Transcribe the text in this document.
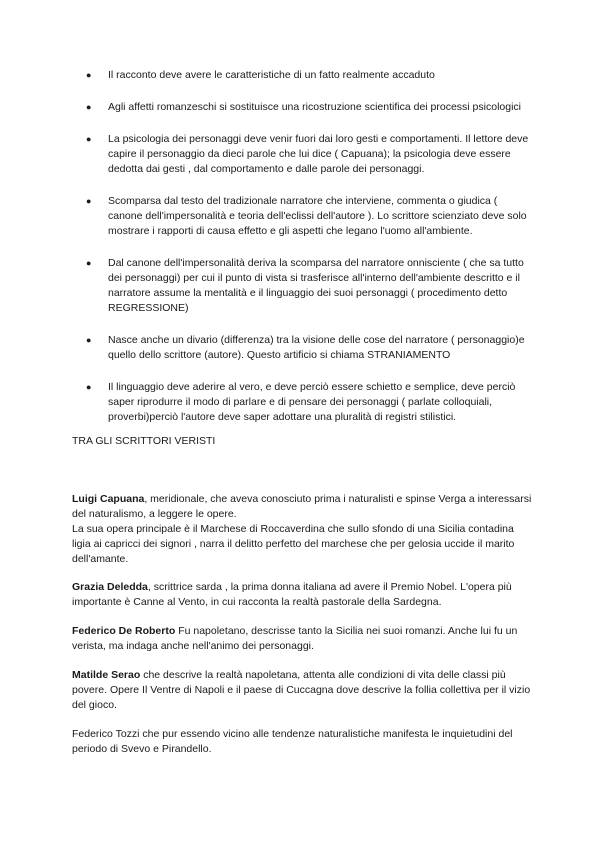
●	Il racconto deve avere le caratteristiche di un fatto realmente accaduto
●	Agli affetti romanzeschi si sostituisce una ricostruzione scientifica dei processi psicologici
●	La psicologia dei personaggi deve venir fuori dai loro gesti e comportamenti. Il lettore deve capire il personaggio da dieci parole che lui dice ( Capuana); la psicologia deve essere dedotta dai gesti , dal comportamento e dalle parole dei personaggi.
●	Scomparsa dal testo del tradizionale narratore che interviene, commenta o giudica ( canone dell'impersonalità e teoria dell'eclissi dell'autore ). Lo scrittore scienziato deve solo mostrare i rapporti di causa effetto e gli aspetti che legano l'uomo all'ambiente.
●	Dal canone dell'impersonalità deriva la scomparsa del narratore onnisciente ( che sa tutto dei personaggi) per cui il punto di vista si trasferisce all'interno dell'ambiente descritto e il narratore assume la mentalità e il linguaggio dei suoi personaggi ( procedimento detto REGRESSIONE)
●	Nasce anche un divario (differenza) tra la visione delle cose del narratore ( personaggio)e quello dello scrittore (autore). Questo artificio si chiama STRANIAMENTO
●	Il linguaggio deve aderire al vero, e deve perciò essere schietto e semplice, deve perciò saper riprodurre il modo di parlare e di pensare dei personaggi ( parlate colloquiali, proverbi)perciò l'autore deve saper adottare una pluralità di registri stilistici.
TRA GLI SCRITTORI VERISTI
Luigi Capuana, meridionale, che aveva conosciuto prima i naturalisti e spinse Verga a interessarsi del naturalismo, a leggere le opere.
La sua opera principale è il Marchese di Roccaverdina che sullo sfondo di una Sicilia contadina ligia ai capricci dei signori , narra il delitto perfetto del marchese che per gelosia uccide il marito dell'amante.
Grazia Deledda, scrittrice sarda , la prima donna italiana ad avere il Premio Nobel. L'opera più importante è Canne al Vento, in cui racconta la realtà pastorale della Sardegna.
Federico De Roberto Fu napoletano, descrisse tanto la Sicilia nei suoi romanzi. Anche lui fu un verista, ma indaga anche nell'animo dei personaggi.
Matilde Serao che descrive la realtà napoletana, attenta alle condizioni di vita delle classi più povere. Opere Il Ventre di Napoli e il paese di Cuccagna dove descrive la follia collettiva per il vizio del gioco.
Federico Tozzi che pur essendo vicino alle tendenze naturalistiche manifesta le inquietudini del periodo di Svevo e Pirandello.
